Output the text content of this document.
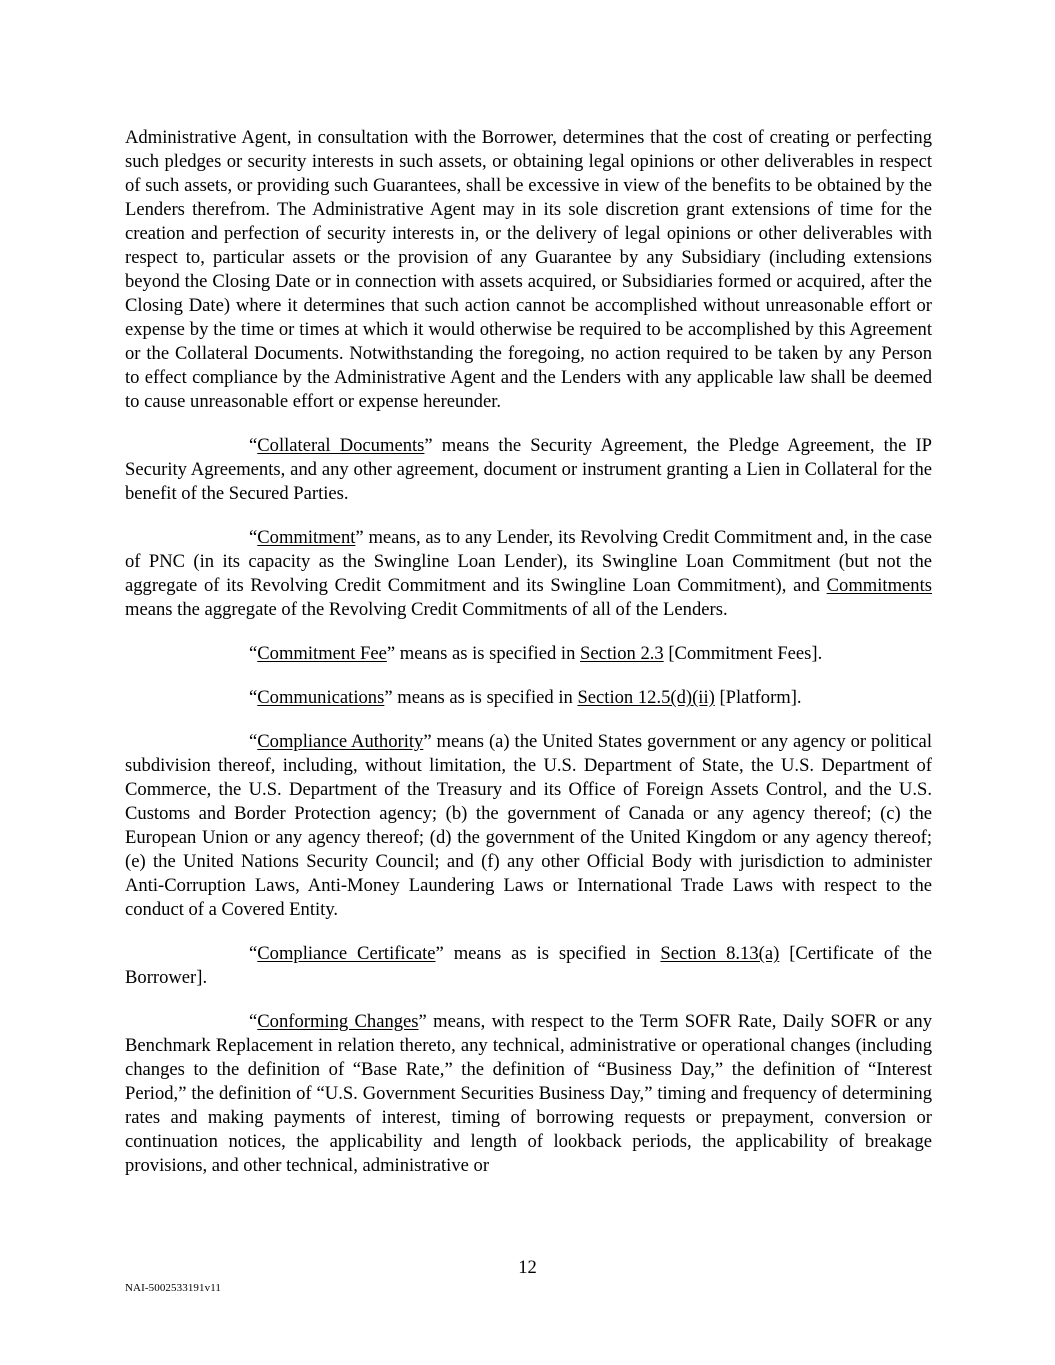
Administrative Agent, in consultation with the Borrower, determines that the cost of creating or perfecting such pledges or security interests in such assets, or obtaining legal opinions or other deliverables in respect of such assets, or providing such Guarantees, shall be excessive in view of the benefits to be obtained by the Lenders therefrom. The Administrative Agent may in its sole discretion grant extensions of time for the creation and perfection of security interests in, or the delivery of legal opinions or other deliverables with respect to, particular assets or the provision of any Guarantee by any Subsidiary (including extensions beyond the Closing Date or in connection with assets acquired, or Subsidiaries formed or acquired, after the Closing Date) where it determines that such action cannot be accomplished without unreasonable effort or expense by the time or times at which it would otherwise be required to be accomplished by this Agreement or the Collateral Documents. Notwithstanding the foregoing, no action required to be taken by any Person to effect compliance by the Administrative Agent and the Lenders with any applicable law shall be deemed to cause unreasonable effort or expense hereunder.

“Collateral Documents” means the Security Agreement, the Pledge Agreement, the IP Security Agreements, and any other agreement, document or instrument granting a Lien in Collateral for the benefit of the Secured Parties.

“Commitment” means, as to any Lender, its Revolving Credit Commitment and, in the case of PNC (in its capacity as the Swingline Loan Lender), its Swingline Loan Commitment (but not the aggregate of its Revolving Credit Commitment and its Swingline Loan Commitment), and Commitments means the aggregate of the Revolving Credit Commitments of all of the Lenders.

“Commitment Fee” means as is specified in Section 2.3 [Commitment Fees].

“Communications” means as is specified in Section 12.5(d)(ii) [Platform].

“Compliance Authority” means (a) the United States government or any agency or political subdivision thereof, including, without limitation, the U.S. Department of State, the U.S. Department of Commerce, the U.S. Department of the Treasury and its Office of Foreign Assets Control, and the U.S. Customs and Border Protection agency; (b) the government of Canada or any agency thereof; (c) the European Union or any agency thereof; (d) the government of the United Kingdom or any agency thereof; (e) the United Nations Security Council; and (f) any other Official Body with jurisdiction to administer Anti-Corruption Laws, Anti-Money Laundering Laws or International Trade Laws with respect to the conduct of a Covered Entity.

“Compliance Certificate” means as is specified in Section 8.13(a) [Certificate of the Borrower].

“Conforming Changes” means, with respect to the Term SOFR Rate, Daily SOFR or any Benchmark Replacement in relation thereto, any technical, administrative or operational changes (including changes to the definition of “Base Rate,” the definition of “Business Day,” the definition of “Interest Period,” the definition of “U.S. Government Securities Business Day,” timing and frequency of determining rates and making payments of interest, timing of borrowing requests or prepayment, conversion or continuation notices, the applicability and length of lookback periods, the applicability of breakage provisions, and other technical, administrative or

12
NAI-5002533191v11
